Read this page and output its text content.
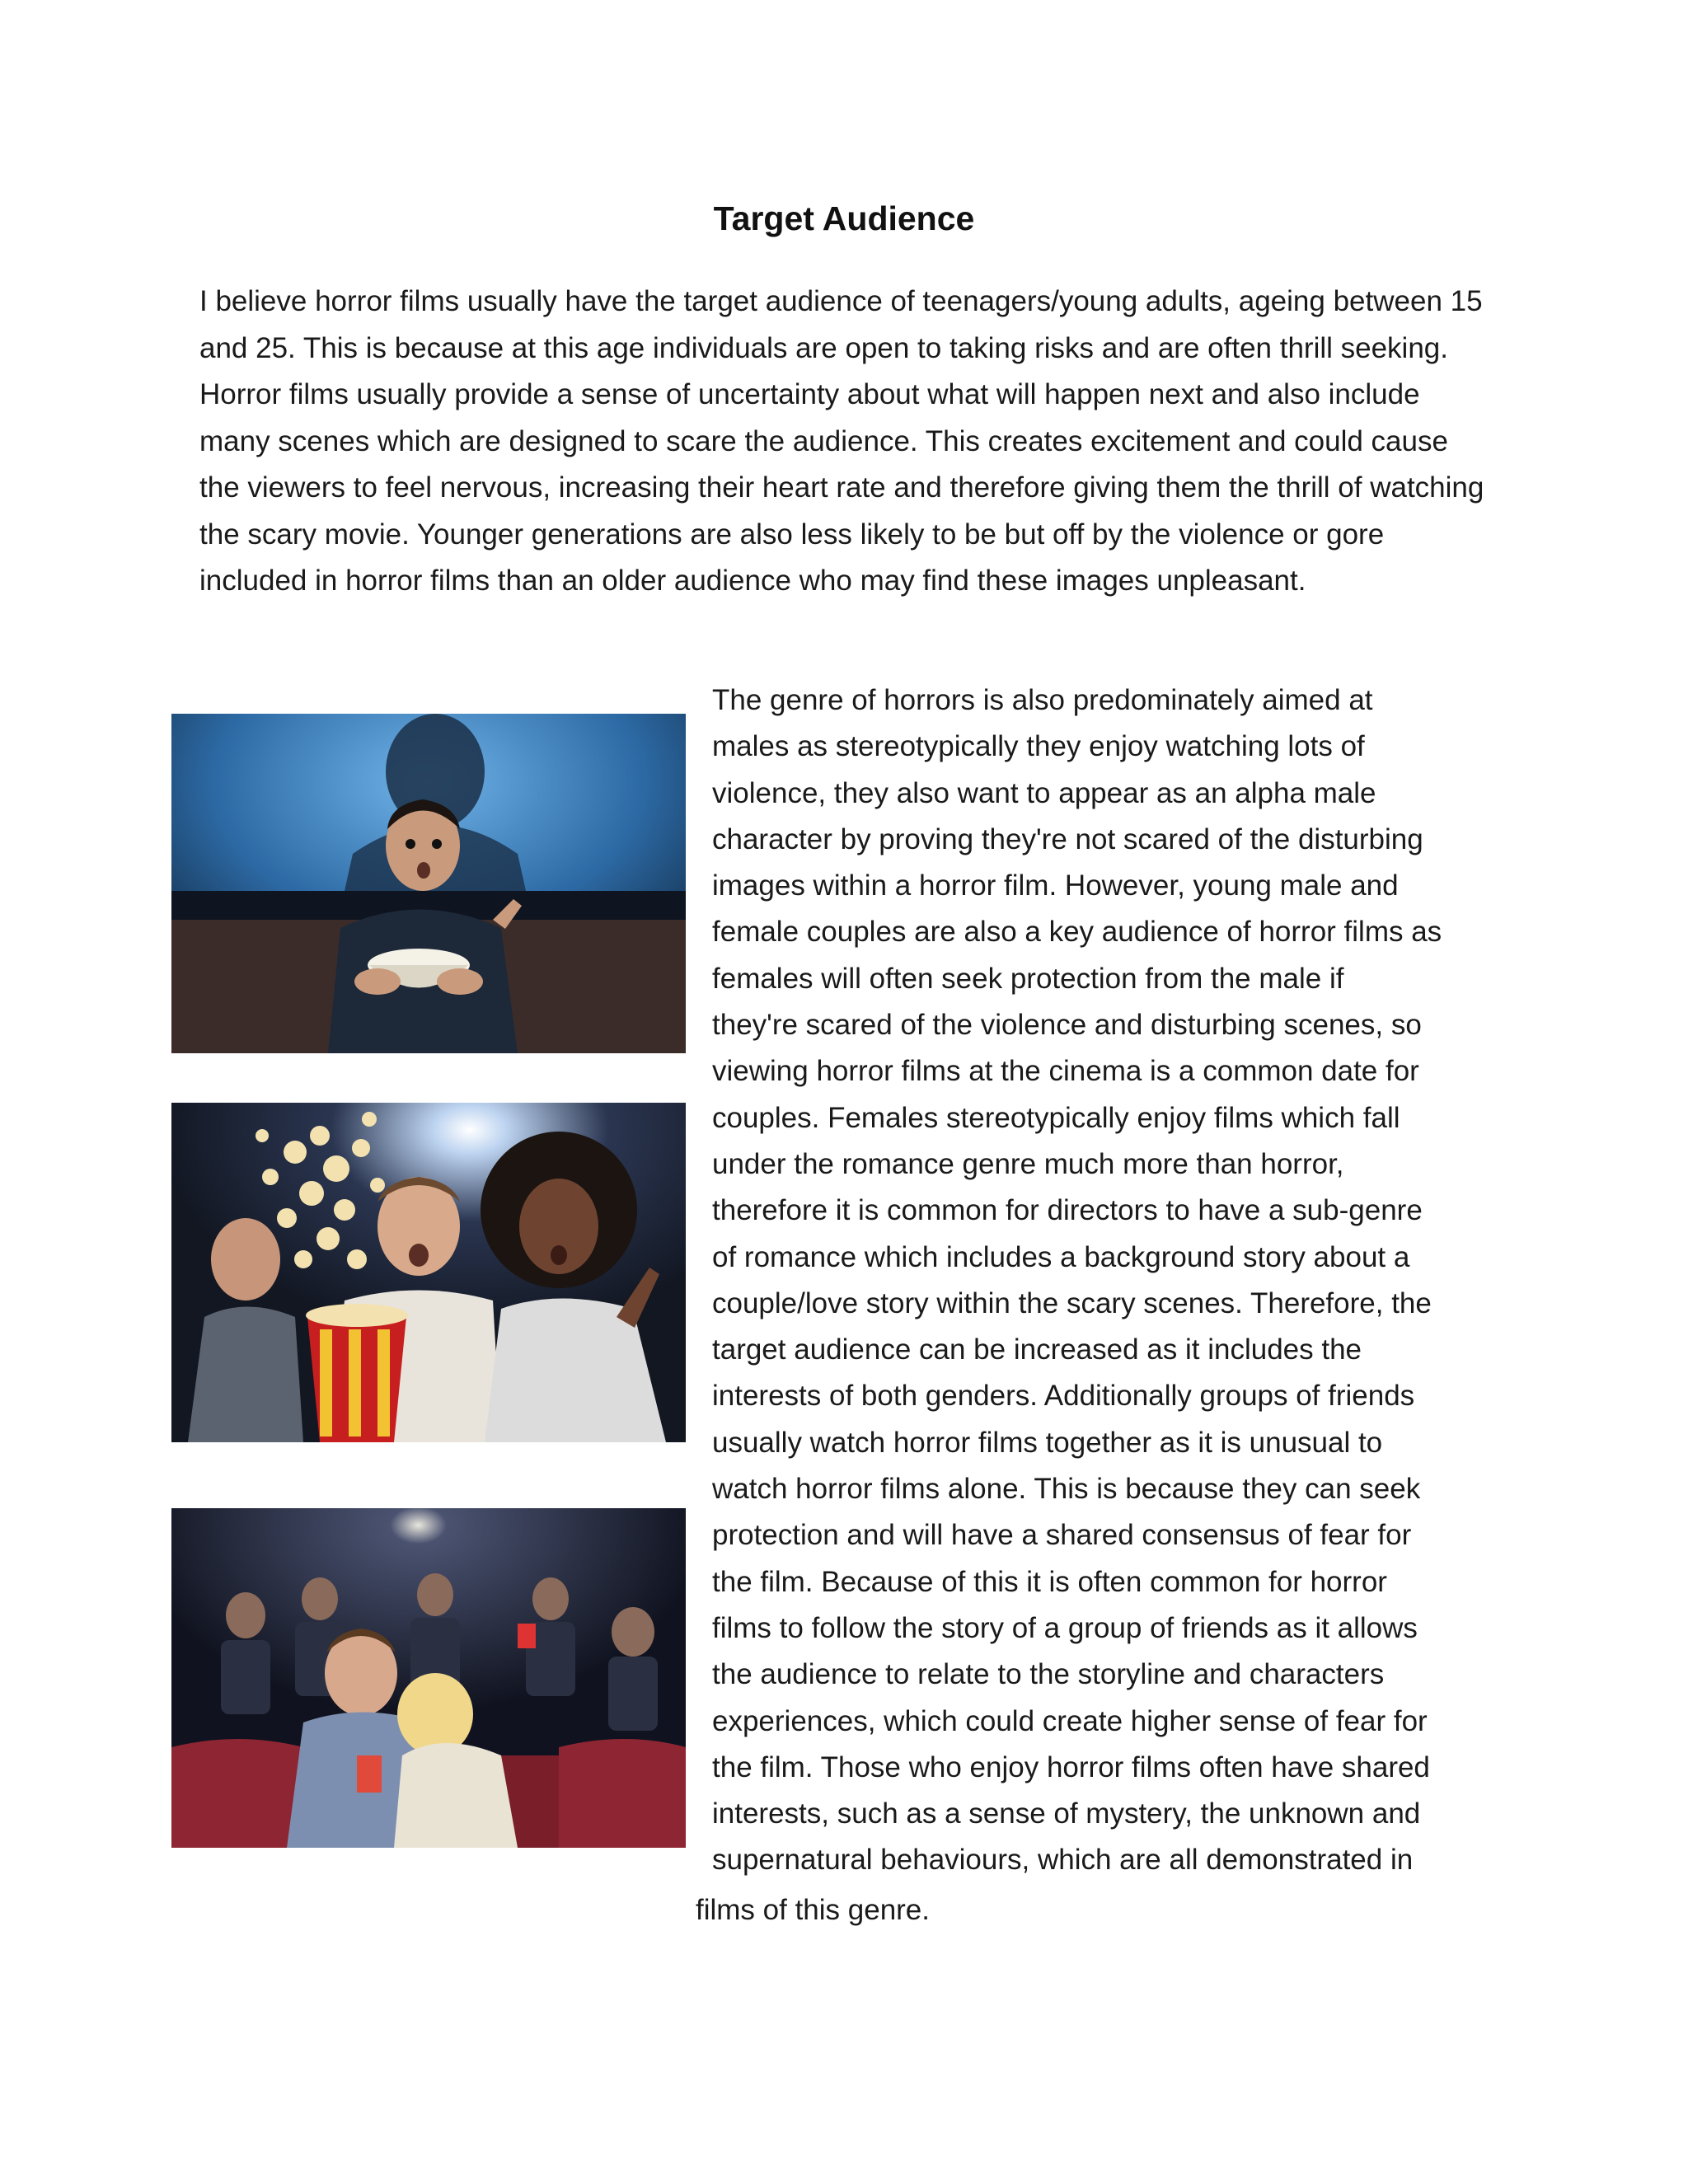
Target Audience

I believe horror films usually have the target audience of teenagers/young adults, ageing between 15 and 25. This is because at this age individuals are open to taking risks and are often thrill seeking. Horror films usually provide a sense of uncertainty about what will happen next and also include many scenes which are designed to scare the audience. This creates excitement and could cause the viewers to feel nervous, increasing their heart rate and therefore giving them the thrill of watching the scary movie. Younger generations are also less likely to be but off by the violence or gore included in horror films than an older audience who may find these images unpleasant.

The genre of horrors is also predominately aimed at
males as stereotypically they enjoy watching lots of
violence, they also want to appear as an alpha male
character by proving they're not scared of the disturbing
images within a horror film. However, young male and
female couples are also a key audience of horror films as
females will often seek protection from the male if
they're scared of the violence and disturbing scenes, so
viewing horror films at the cinema is a common date for
couples. Females stereotypically enjoy films which fall
under the romance genre much more than horror,
therefore it is common for directors to have a sub-genre
of romance which includes a background story about a
couple/love story within the scary scenes. Therefore, the
target audience can be increased as it includes the
interests of both genders. Additionally groups of friends
usually watch horror films together as it is unusual to
watch horror films alone. This is because they can seek
protection and will have a shared consensus of fear for
the film. Because of this it is often common for horror
films to follow the story of a group of friends as it allows
the audience to relate to the storyline and characters
experiences, which could create higher sense of fear for
the film. Those who enjoy horror films often have shared
interests, such as a sense of mystery, the unknown and
supernatural behaviours, which are all demonstrated in

films of this genre.
